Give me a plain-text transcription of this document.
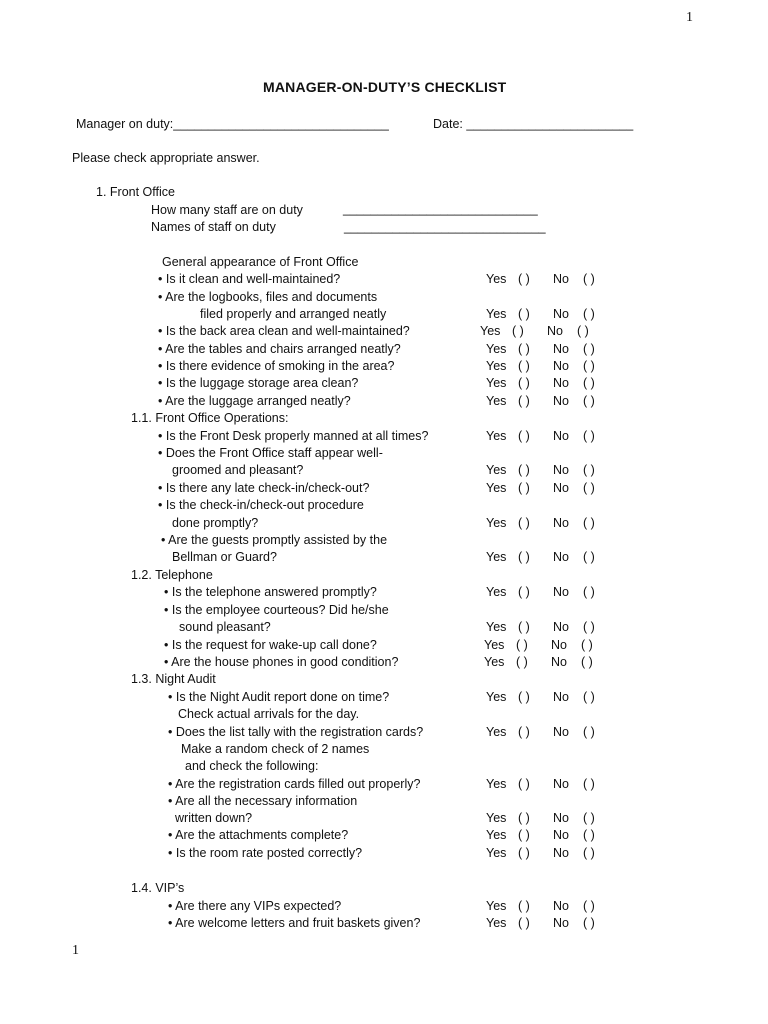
1
MANAGER-ON-DUTY’S CHECKLIST
Manager on duty:_______________________________	Date: ________________________
Please check appropriate answer.
1. Front Office
How many staff are on duty	____________________________
Names of staff on duty	_____________________________
General appearance of Front Office
• Is it clean and well-maintained?	Yes ( ) No ( )
• Are the logbooks, files and documents
filed properly and arranged neatly	Yes ( ) No ( )
• Is the back area clean and well-maintained?	Yes ( ) No ( )
• Are the tables and chairs arranged neatly?	Yes ( ) No ( )
• Is there evidence of smoking in the area?	Yes ( ) No ( )
• Is the luggage storage area clean?	Yes ( ) No ( )
• Are the luggage arranged neatly?	Yes ( ) No ( )
1.1. Front Office Operations:
• Is the Front Desk properly manned at all times?	Yes ( ) No ( )
• Does the Front Office staff appear well-
groomed and pleasant?	Yes ( ) No ( )
• Is there any late check-in/check-out?	Yes ( ) No ( )
• Is the check-in/check-out procedure
done promptly?	Yes ( ) No ( )
• Are the guests promptly assisted by the
Bellman or Guard?	Yes ( ) No ( )
1.2. Telephone
• Is the telephone answered promptly?	Yes ( ) No ( )
• Is the employee courteous? Did he/she
sound pleasant?	Yes ( ) No ( )
• Is the request for wake-up call done?	Yes ( ) No ( )
• Are the house phones in good condition?	Yes ( ) No ( )
1.3. Night Audit
• Is the Night Audit report done on time?	Yes ( ) No ( )
Check actual arrivals for the day.
• Does the list tally with the registration cards?	Yes ( ) No ( )
Make a random check of 2 names
and check the following:
• Are the registration cards filled out properly?	Yes ( ) No ( )
• Are all the necessary information
written down?	Yes ( ) No ( )
• Are the attachments complete?	Yes ( ) No ( )
• Is the room rate posted correctly?	Yes ( ) No ( )
1.4. VIP’s
• Are there any VIPs expected?	Yes ( ) No ( )
• Are welcome letters and fruit baskets given?	Yes ( ) No ( )
1
